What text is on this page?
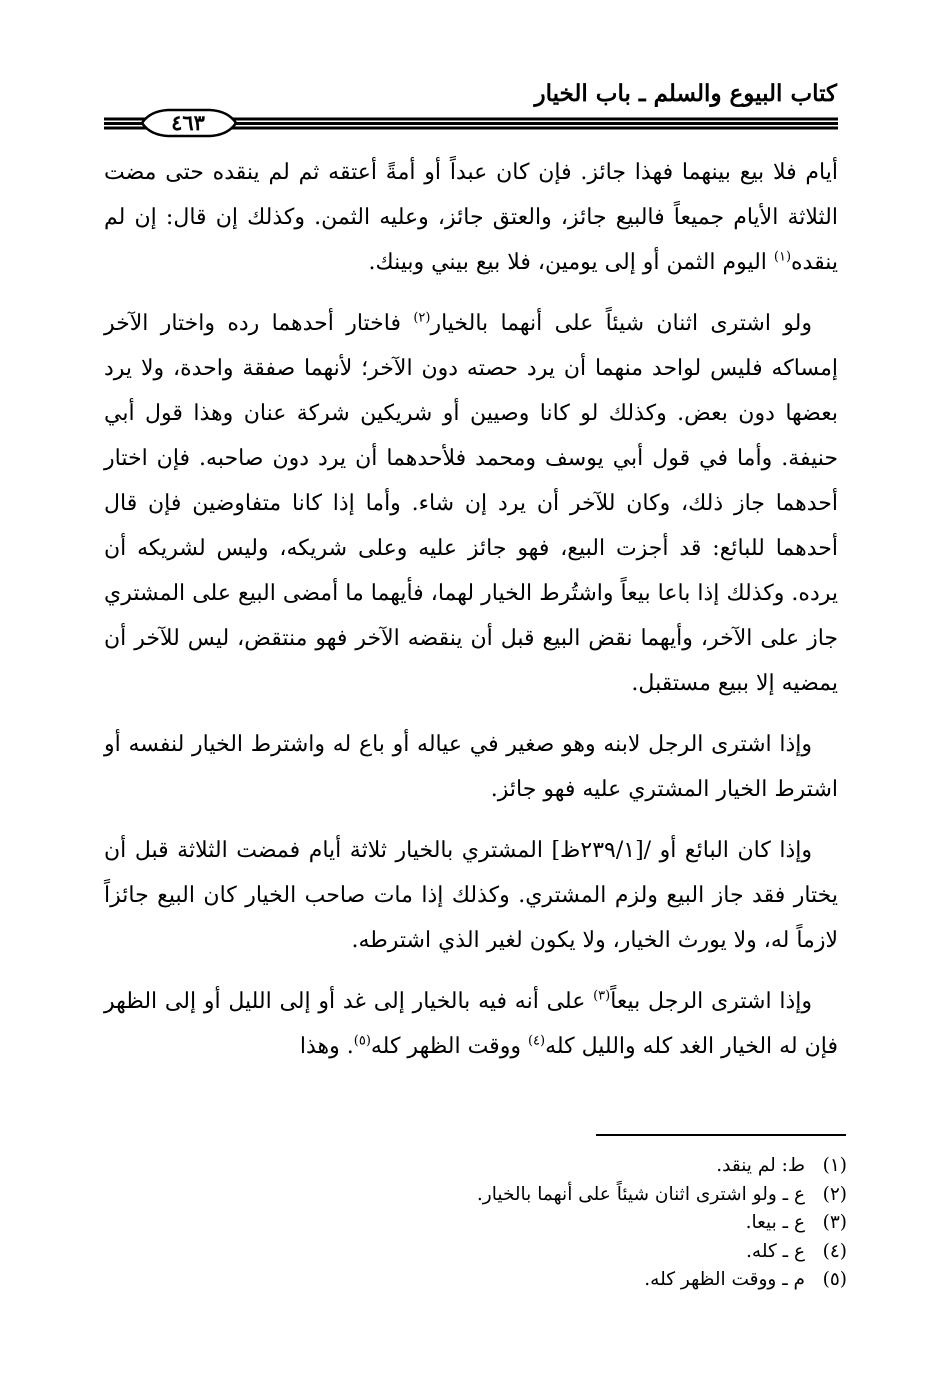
كتاب البيوع والسلم ـ باب الخيار
٤٦٣

أيام فلا بيع بينهما فهذا جائز. فإن كان عبداً أو أمةً أعتقه ثم لم ينقده حتى مضت الثلاثة الأيام جميعاً فالبيع جائز، والعتق جائز، وعليه الثمن. وكذلك إن قال: إن لم ينقده$^{(١)}$ اليوم الثمن أو إلى يومين، فلا بيع بيني وبينك.

ولو اشترى اثنان شيئاً على أنهما بالخيار$^{(٢)}$ فاختار أحدهما رده واختار الآخر إمساكه فليس لواحد منهما أن يرد حصته دون الآخر؛ لأنهما صفقة واحدة، ولا يرد بعضها دون بعض. وكذلك لو كانا وصيين أو شريكين شركة عنان وهذا قول أبي حنيفة. وأما في قول أبي يوسف ومحمد فلأحدهما أن يرد دون صاحبه. فإن اختار أحدهما جاز ذلك، وكان للآخر أن يرد إن شاء. وأما إذا كانا متفاوضين فإن قال أحدهما للبائع: قد أجزت البيع، فهو جائز عليه وعلى شريكه، وليس لشريكه أن يرده. وكذلك إذا باعا بيعاً واشتُرط الخيار لهما، فأيهما ما أمضى البيع على المشتري جاز على الآخر، وأيهما نقض البيع قبل أن ينقضه الآخر فهو منتقض، ليس للآخر أن يمضيه إلا ببيع مستقبل.

وإذا اشترى الرجل لابنه وهو صغير في عياله أو باع له واشترط الخيار لنفسه أو اشترط الخيار المشتري عليه فهو جائز.

وإذا كان البائع أو /[٢٣٩/١ظ] المشتري بالخيار ثلاثة أيام فمضت الثلاثة قبل أن يختار فقد جاز البيع ولزم المشتري. وكذلك إذا مات صاحب الخيار كان البيع جائزاً لازماً له، ولا يورث الخيار، ولا يكون لغير الذي اشترطه.

وإذا اشترى الرجل بيعاً$^{(٣)}$ على أنه فيه بالخيار إلى غد أو إلى الليل أو إلى الظهر فإن له الخيار الغد كله والليل كله$^{(٤)}$ ووقت الظهر كله$^{(٥)}$. وهذا

(١)ط: لم ينقد.
(٢)ع ـ ولو اشترى اثنان شيئاً على أنهما بالخيار.
(٣)ع ـ بيعا.
(٤)ع ـ كله.
(٥)م ـ ووقت الظهر كله.
